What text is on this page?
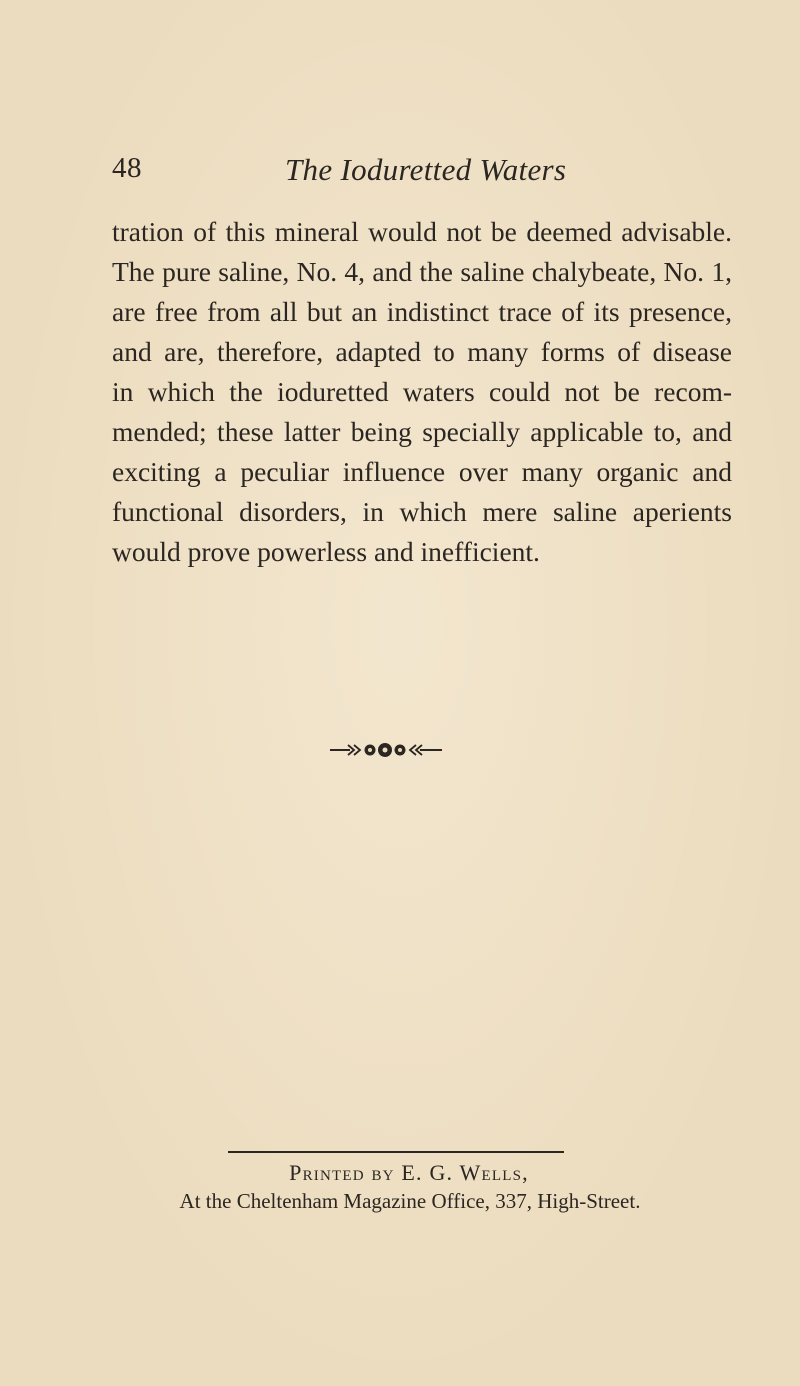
48	The Ioduretted Waters
tration of this mineral would not be deemed advisable.
The pure saline, No. 4, and the saline chalybeate, No. 1,
are free from all but an indistinct trace of its presence,
and are, therefore, adapted to many forms of disease
in which the ioduretted waters could not be recom-
mended; these latter being specially applicable to, and
exciting a peculiar influence over many organic and
functional disorders, in which mere saline aperients
would prove powerless and inefficient.
Printed by E. G. Wells,
At the Cheltenham Magazine Office, 337, High-Street.
